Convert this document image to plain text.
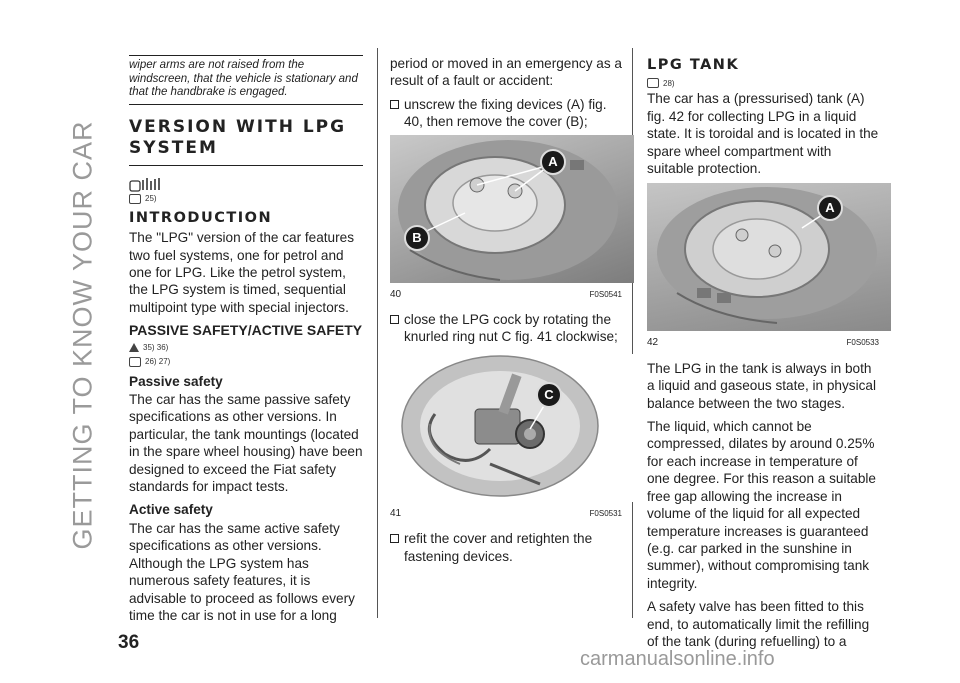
GETTING TO KNOW YOUR CAR
36
wiper arms are not raised from the windscreen, that the vehicle is stationary and that the handbrake is engaged.
VERSION WITH LPG
SYSTEM
25)
INTRODUCTION

The "LPG" version of the car features two fuel systems, one for petrol and one for LPG. Like the petrol system, the LPG system is timed, sequential multipoint type with special injectors.

PASSIVE SAFETY/ACTIVE SAFETY
35) 36)
26) 27)
Passive safety

The car has the same passive safety specifications as other versions. In particular, the tank mountings (located in the spare wheel housing) have been designed to exceed the Fiat safety standards for impact tests.

Active safety

The car has the same active safety specifications as other versions. Although the LPG system has numerous safety features, it is advisable to proceed as follows every time the car is not in use for a long

period or moved in an emergency as a result of a fault or accident:

unscrew the fixing devices (A) fig. 40, then remove the cover (B);
A
B
40	F0S0541
close the LPG cock by rotating the knurled ring nut C fig. 41 clockwise;
C
41	F0S0531
refit the cover and retighten the fastening devices.
LPG TANK
28)

The car has a (pressurised) tank (A) fig. 42 for collecting LPG in a liquid state. It is toroidal and is located in the spare wheel compartment with suitable protection.

A
42	F0S0533

The LPG in the tank is always in both a liquid and gaseous state, in physical balance between the two stages.

The liquid, which cannot be compressed, dilates by around 0.25% for each increase in temperature of one degree. For this reason a suitable free gap allowing the increase in volume of the liquid for all expected temperature increases is guaranteed (e.g. car parked in the sunshine in summer), without compromising tank integrity.

A safety valve has been fitted to this end, to automatically limit the refilling of the tank (during refuelling) to a

carmanualsonline.info
